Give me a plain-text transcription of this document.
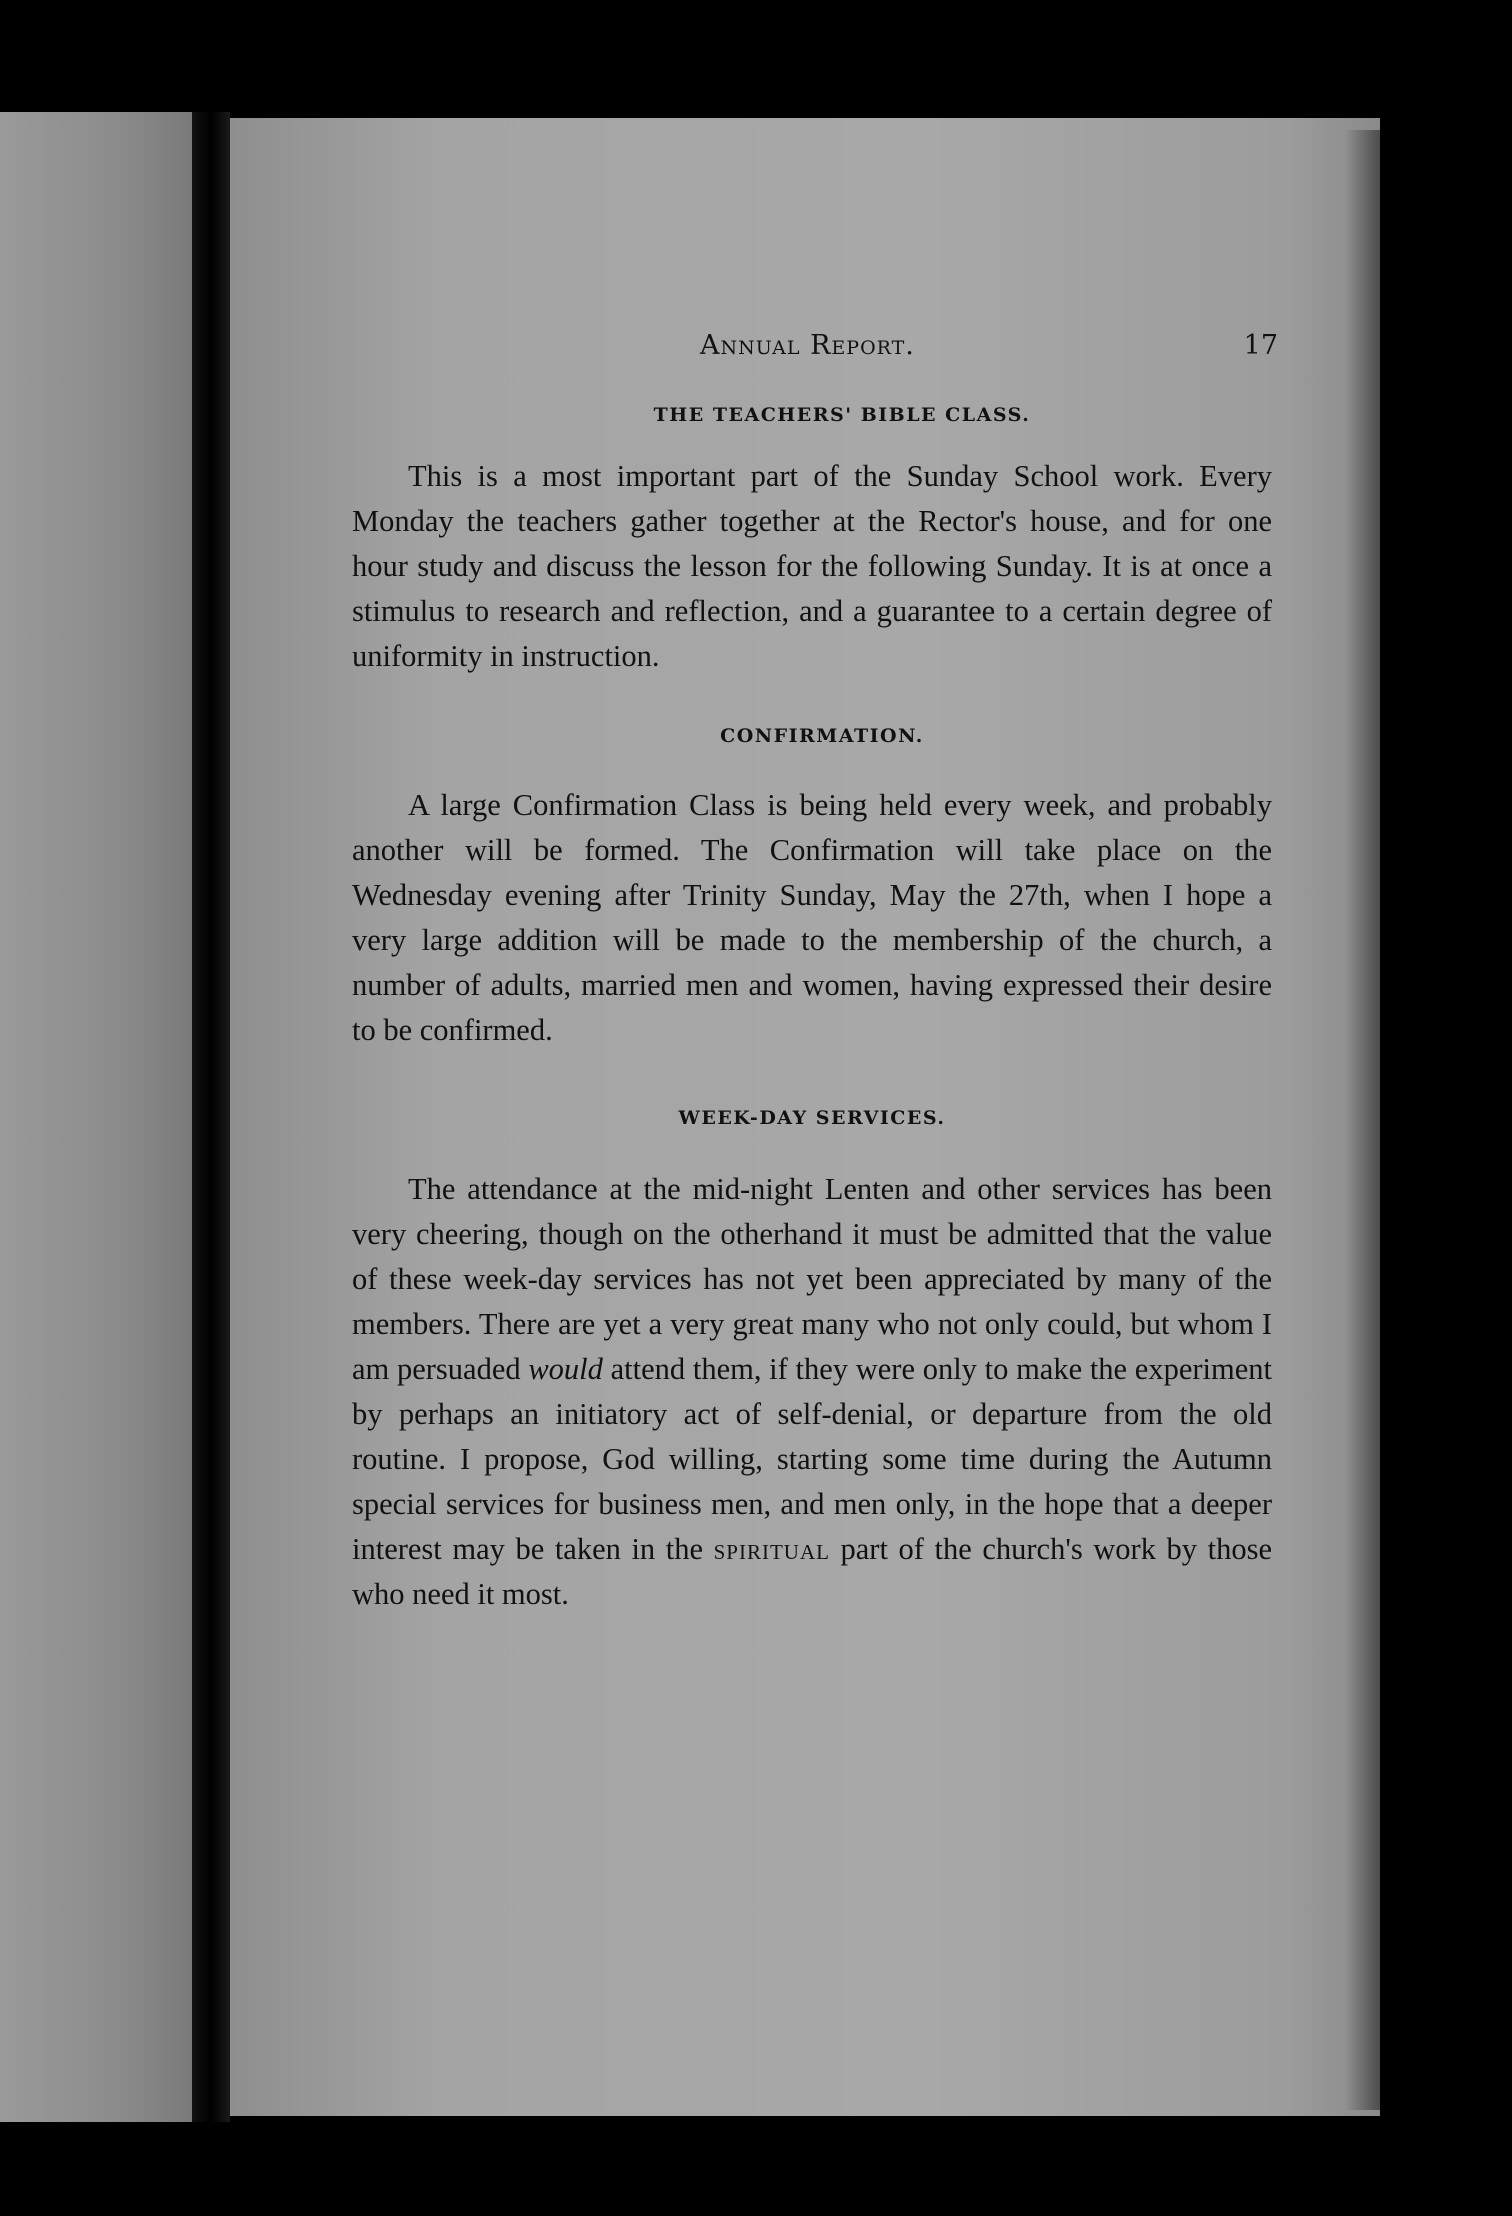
Annual Report.	17
THE TEACHERS' BIBLE CLASS.

This is a most important part of the Sunday School work. Every Monday the teachers gather together at the Rector's house, and for one hour study and discuss the lesson for the following Sunday. It is at once a stimulus to research and reflection, and a guarantee to a certain degree of uniformity in instruction.

CONFIRMATION.

A large Confirmation Class is being held every week, and probably another will be formed. The Confirmation will take place on the Wednesday evening after Trinity Sunday, May the 27th, when I hope a very large addition will be made to the membership of the church, a number of adults, married men and women, having expressed their desire to be confirmed.

WEEK-DAY SERVICES.

The attendance at the mid-night Lenten and other services has been very cheering, though on the otherhand it must be admitted that the value of these week-day services has not yet been appreciated by many of the members. There are yet a very great many who not only could, but whom I am persuaded would attend them, if they were only to make the experiment by perhaps an initiatory act of self-denial, or departure from the old routine. I propose, God willing, starting some time during the Autumn special services for business men, and men only, in the hope that a deeper interest may be taken in the spiritual part of the church's work by those who need it most.
